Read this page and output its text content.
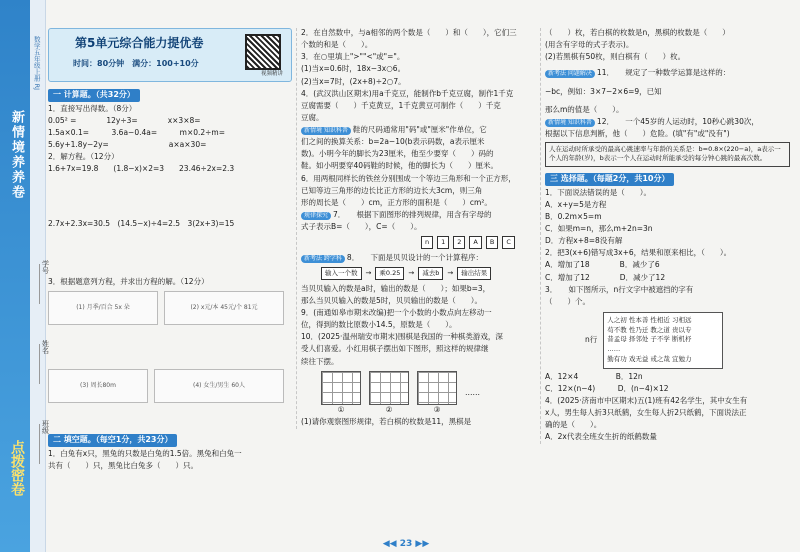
新情境养养卷
点拨密卷
数学五年级上册 RJ
学号
姓名
班级
第5单元综合能力提优卷
时间：80分钟　满分：100+10分
视频精讲
一 计算题。（共32分）
1．直接写出得数。（8分）
0.05² =　　　　12y÷3=　　　　x×3×8=
1.5a×0.1=　　　3.6a−0.4a=　　　m×0.2÷m=
5.6y+1.8y−2y=　　　　　　　　a×a×30=
2．解方程。（12分）
1.6+7x=19.8　　(1.8−x)×2=3　　23.46÷2x=2.3
2.7x+2.3x=30.5　(14.5−x)÷4=2.5　3(2x+3)=15
3．根据题意列方程，并求出方程的解。（12分）
(1) 月季/百合 5x 朵	(2) x元/本 45元/个 81元
(3) 周长80m	(4) 女生/男生 60人
二 填空题。（每空1分，共23分）
1．白兔有x只，黑兔的只数是白兔的1.5倍。黑兔和白兔一
共有（　　）只，黑兔比白兔多（　　）只。
2．在自然数中，与a相邻的两个数是（　　）和（　　），它们三
个数的和是（　　）。
3．在○里填上">""<"或"="。
(1)当x=0.6时，18x−3x○6。
(2)当x=7时，(2x+8)÷2○7。
4．(武汉洪山区期末)用a千克豆，能制作b千克豆腐，制作1千克
豆腐需要（　　）千克黄豆，1千克黄豆可制作（　　）千克
豆腐。
新情境 知识科普 鞋的尺码通常用"码"或"厘米"作单位，它
们之间的换算关系：b=2a−10(b表示码数，a表示厘米
数)。小明今年的脚长为23厘米，他至少要穿（　　）码的
鞋。如小明要穿40码鞋的时候，他的脚长为（　　）厘米。
6．用两根同样长的铁丝分别围成一个等边三角形和一个正方形，
已知等边三角形的边长比正方形的边长大3cm，则三角
形的周长是（　　）cm，正方形的面积是（　　）cm²。
规律探究 7．　　根据下面图形的排列规律，用含有字母的
式子表示B=（　　），C=（　　）。
n	1	2	A	B	C
新考法 跨学科 8．　　下面是贝贝设计的一个计算程序：
输入一个数	→	乘0.25	→	减去b	→	输出结果
当贝贝输入的数是a时，输出的数是（　　）；如果b=3，
那么当贝贝输入的数是5时，贝贝输出的数是（　　）。
9．(南通如皋市期末改编)把一个小数的小数点向左移动一
位，得到的数比原数小14.5，原数是（　　）。
10．(2025·温州瑞安市期末)围棋是我国的一种棋类游戏，深
受人们喜爱。小红用棋子摆出如下图形，照这样的规律继
续往下摆。
①	②	③
……
(1)请你观察图形规律，若白棋的枚数是11，黑棋是
（　　）枚，若白棋的枚数是n，黑棋的枚数是（　　）
(用含有字母的式子表示)。
(2)若黑棋有50枚，则白棋有（　　）枚。
新考法 问题解决 11．　　规定了一种数学运算是这样的：
−bc，例如：3×7−2×6=9，已知
那么m的值是（　　）。
新情境 知识科普 12．　　一个45岁的人运动时，10秒心跳30次，
根据以下信息判断，他（　　）危险。(填"有"或"没有")
人在运动时所承受的最高心跳速率与年龄的关系是：b=0.8×(220−a)，a表示一个人的年龄(岁)，b表示一个人在运动时所能承受的每分钟心跳的最高次数。
三 选择题。（每题2分，共10分）
1．下面说法错误的是（　　）。
A．x+y=5是方程
B．0.2m×5=m
C．如果m=n，那么m+2n=3n
D．方程x+8=8没有解
2．把3(x+6)错写成3x+6，结果和原来相比，（　　）。
A．增加了18　　　　B．减少了6
C．增加了12　　　　D．减少了12
3．　　如下图所示，n行文字中被遮挡的字有
（　　）个。
n行
人之初 性本善 性相近 习相远
苟不教 性乃迁 教之道 贵以专
昔孟母 择邻处 子不学 断机杼
……
勤有功 戏无益 戒之哉 宜勉力
A．12×4　　　　　B．12n
C．12×(n−4)　　　D．(n−4)×12
4．(2025·济南市中区期末)五(1)班有42名学生，其中女生有
x人，男生每人折3只纸鹤，女生每人折2只纸鹤，下面说法正
确的是（　　）。
A．2x代表全班女生折的纸鹤数量
◀◀ 23 ▶▶
